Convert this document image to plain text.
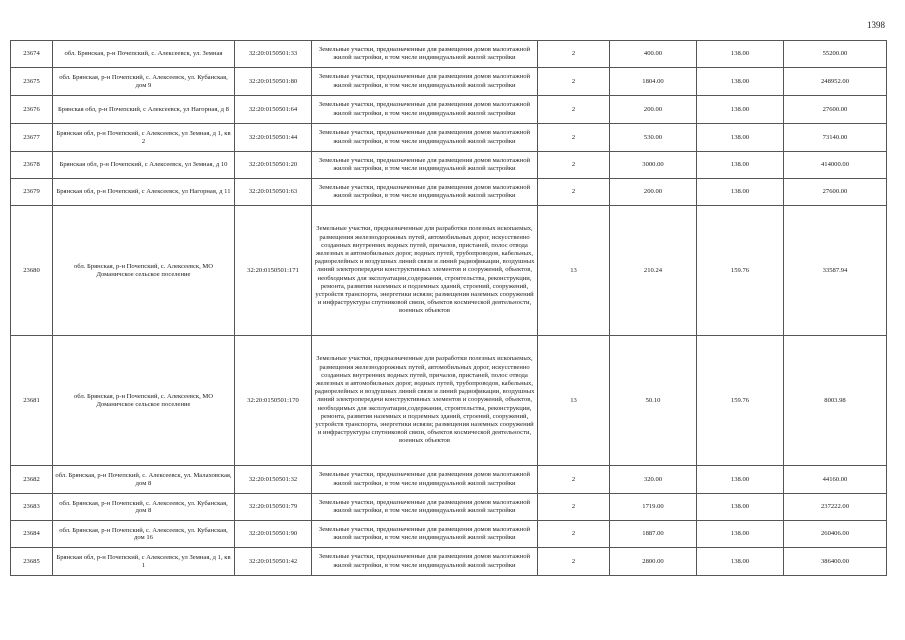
1398
23674	обл. Брянская, р-н Почепский, с. Алексеевск, ул. Земная	32:20:0150501:33	Земельные участки, предназначенные для размещения домов малоэтажной жилой застройки, в том числе индивидуальной жилой застройки	2	400.00	138.00	55200.00
23675	обл. Брянская, р-н Почепский, с. Алексеевск, ул. Кубанская, дом 9	32:20:0150501:80	Земельные участки, предназначенные для размещения домов малоэтажной жилой застройки, в том числе индивидуальной жилой застройки	2	1804.00	138.00	248952.00
23676	Брянская обл, р-н Почепский, с Алексеевск, ул Нагорная, д 8	32:20:0150501:64	Земельные участки, предназначенные для размещения домов малоэтажной жилой застройки, в том числе индивидуальной жилой застройки	2	200.00	138.00	27600.00
23677	Брянская обл, р-н Почепский, с Алексеевск, ул Земная, д 1, кв 2	32:20:0150501:44	Земельные участки, предназначенные для размещения домов малоэтажной жилой застройки, в том числе индивидуальной жилой застройки	2	530.00	138.00	73140.00
23678	Брянская обл, р-н Почепский, с Алексеевск, ул Земная, д 10	32:20:0150501:20	Земельные участки, предназначенные для размещения домов малоэтажной жилой застройки, в том числе индивидуальной жилой застройки	2	3000.00	138.00	414000.00
23679	Брянская обл, р-н Почепский, с Алексеевск, ул Нагорная, д 11	32:20:0150501:63	Земельные участки, предназначенные для размещения домов малоэтажной жилой застройки, в том числе индивидуальной жилой застройки	2	200.00	138.00	27600.00
23680	обл. Брянская, р-н Почепский, с. Алексеевск, МО Доманичское сельское поселение	32:20:0150501:171	Земельные участки, предназначенные для разработки полезных ископаемых, размещения железнодорожных путей, автомобильных дорог, искусственно созданных внутренних водных путей, причалов, пристаней, полос отвода железных и автомобильных дорог, водных путей, трубопроводов, кабельных, радиорелейных и воздушных линий связи и линий радиофикации, воздушных линий электропередачи конструктивных элементов и сооружений, объектов, необходимых для эксплуатации,содержания, строительства, реконструкции, ремонта, развития наземных и подземных зданий, строений, сооружений, устройств транспорта, энергетики исвязи; размещения наземных сооружений и инфраструктуры спутниковой связи, объектов космической деятельности, военных объектов	13	210.24	159.76	33587.94
23681	обл. Брянская, р-н Почепский, с. Алексеевск, МО Доманичское сельское поселение	32:20:0150501:170	Земельные участки, предназначенные для разработки полезных ископаемых, размещения железнодорожных путей, автомобильных дорог, искусственно созданных внутренних водных путей, причалов, пристаней, полос отвода железных и автомобильных дорог, водных путей, трубопроводов, кабельных, радиорелейных и воздушных линий связи и линий радиофикации, воздушных линий электропередачи конструктивных элементов и сооружений, объектов, необходимых для эксплуатации,содержания, строительства, реконструкции, ремонта, развития наземных и подземных зданий, строений, сооружений, устройств транспорта, энергетики исвязи; размещения наземных сооружений и инфраструктуры спутниковой связи, объектов космической деятельности, военных объектов	13	50.10	159.76	8003.98
23682	обл. Брянская, р-н Почепский, с. Алексеевск, ул. Малаховская, дом 8	32:20:0150501:32	Земельные участки, предназначенные для размещения домов малоэтажной жилой застройки, в том числе индивидуальной жилой застройки	2	320.00	138.00	44160.00
23683	обл. Брянская, р-н Почепский, с. Алексеевск, ул. Кубанская, дом 8	32:20:0150501:79	Земельные участки, предназначенные для размещения домов малоэтажной жилой застройки, в том числе индивидуальной жилой застройки	2	1719.00	138.00	237222.00
23684	обл. Брянская, р-н Почепский, с. Алексеевск, ул. Кубанская, дом 16	32:20:0150501:90	Земельные участки, предназначенные для размещения домов малоэтажной жилой застройки, в том числе индивидуальной жилой застройки	2	1887.00	138.00	260406.00
23685	Брянская обл, р-н Почепский, с Алексеевск, ул Земная, д 1, кв 1	32:20:0150501:42	Земельные участки, предназначенные для размещения домов малоэтажной жилой застройки, в том числе индивидуальной жилой застройки	2	2800.00	138.00	386400.00
